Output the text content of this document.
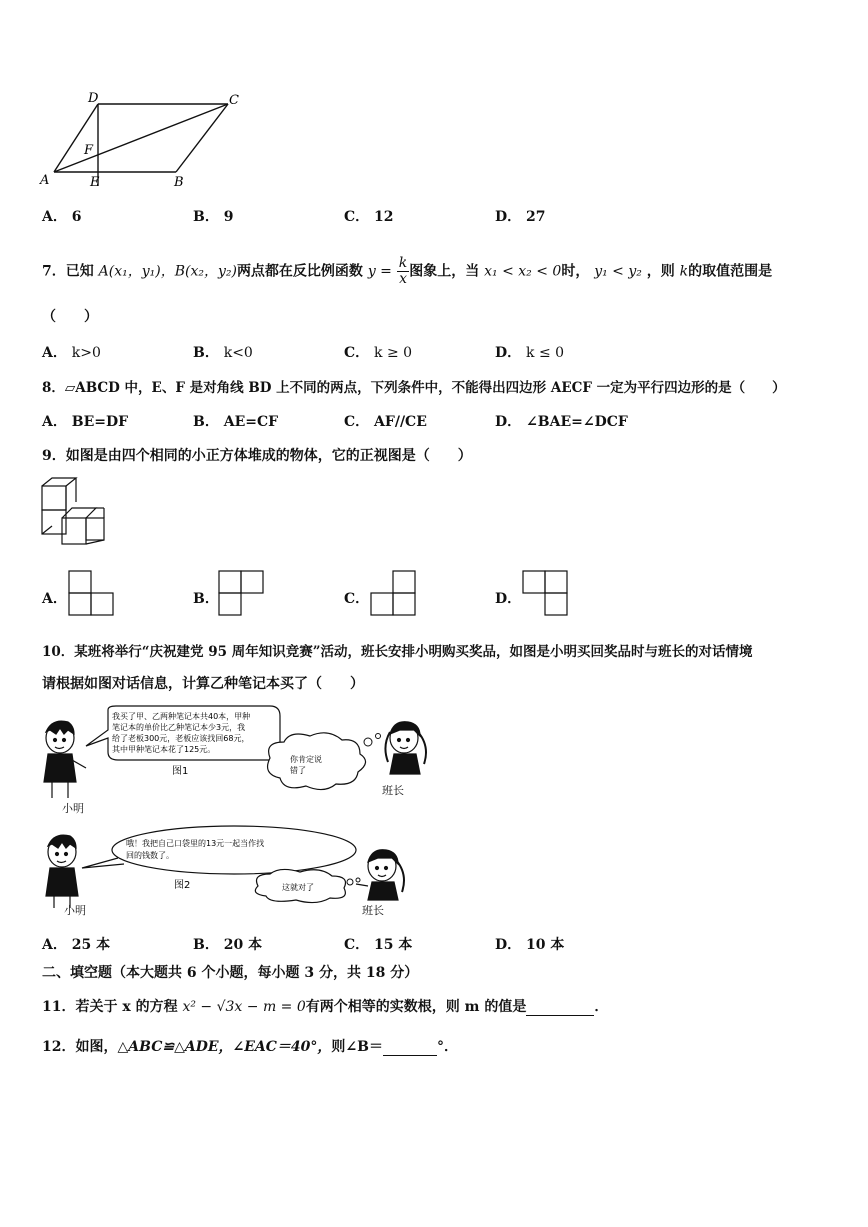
D	C
F
A	E	B
A． 6	B． 9	C． 12	D． 27
7．已知 A(x₁，y₁)，B(x₂，y₂)两点都在反比例函数 $y = \frac{k}{x}$ 图象上，当 x₁ < x₂ < 0时， y₁ < y₂ ，则 k的取值范围是
（　　）
A． k>0	B． k<0	C． k ≥ 0	D． k ≤ 0
8．▱ABCD 中，E、F 是对角线 BD 上不同的两点，下列条件中，不能得出四边形 AECF 一定为平行四边形的是（　　）
A． BE=DF	B． AE=CF	C． AF//CE	D． ∠BAE=∠DCF
9．如图是由四个相同的小正方体堆成的物体，它的正视图是（　　）
A．	B．	C．	D．
10．某班将举行“庆祝建党 95 周年知识竞赛”活动，班长安排小明购买奖品，如图是小明买回奖品时与班长的对话情境
请根据如图对话信息，计算乙种笔记本买了（　　）
我买了甲、乙两种笔记本共40本，甲种
笔记本的单价比乙种笔记本少3元，我
给了老板300元，老板应该找回68元，
其中甲种笔记本花了125元。
你肯定说
错了
图1
小明
班长
哦！我把自己口袋里的13元一起当作找
回的钱数了。
这就对了
图2
小明	班长
A． 25 本	B． 20 本	C． 15 本	D． 10 本
二、填空题（本大题共 6 个小题，每小题 3 分，共 18 分）
11．若关于 x 的方程 x² − √3x − m = 0有两个相等的实数根，则 m 的值是	．
12．如图，△ABC≌△ADE，∠EAC＝40°，则∠B＝	°．
